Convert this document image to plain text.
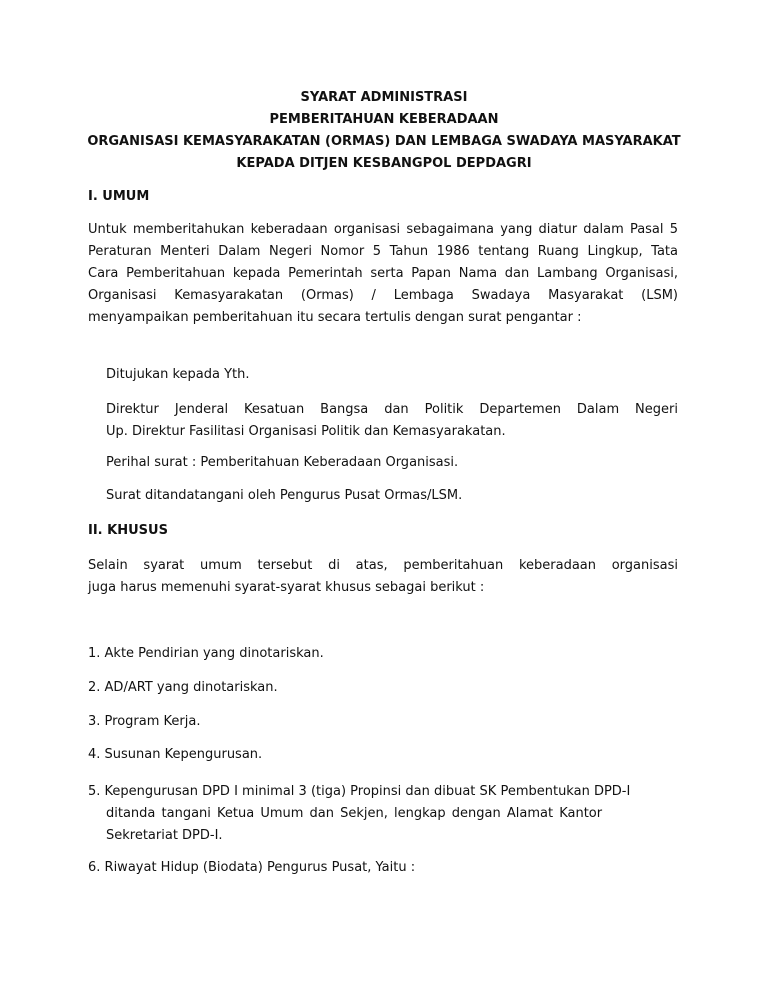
SYARAT ADMINISTRASI
PEMBERITAHUAN KEBERADAAN
ORGANISASI KEMASYARAKATAN (ORMAS) DAN LEMBAGA SWADAYA MASYARAKAT
KEPADA DITJEN KESBANGPOL DEPDAGRI
I. UMUM
Untuk memberitahukan keberadaan organisasi sebagaimana yang diatur dalam Pasal 5
Peraturan Menteri Dalam Negeri Nomor 5 Tahun 1986 tentang Ruang Lingkup, Tata
Cara Pemberitahuan kepada Pemerintah serta Papan Nama dan Lambang Organisasi,
Organisasi Kemasyarakatan (Ormas) / Lembaga Swadaya Masyarakat (LSM)
menyampaikan pemberitahuan itu secara tertulis dengan surat pengantar :
Ditujukan kepada Yth.
Direktur Jenderal Kesatuan Bangsa dan Politik Departemen Dalam Negeri
Up. Direktur Fasilitasi Organisasi Politik dan Kemasyarakatan.
Perihal surat : Pemberitahuan Keberadaan Organisasi.
Surat ditandatangani oleh Pengurus Pusat Ormas/LSM.
II. KHUSUS
Selain syarat umum tersebut di atas, pemberitahuan keberadaan organisasi
juga harus memenuhi syarat-syarat khusus sebagai berikut :
1. Akte Pendirian yang dinotariskan.
2. AD/ART yang dinotariskan.
3. Program Kerja.
4. Susunan Kepengurusan.
5. Kepengurusan DPD I minimal 3 (tiga) Propinsi dan dibuat SK Pembentukan DPD-I
ditanda tangani Ketua Umum dan Sekjen, lengkap dengan Alamat Kantor
Sekretariat DPD-I.
6. Riwayat Hidup (Biodata) Pengurus Pusat, Yaitu :
